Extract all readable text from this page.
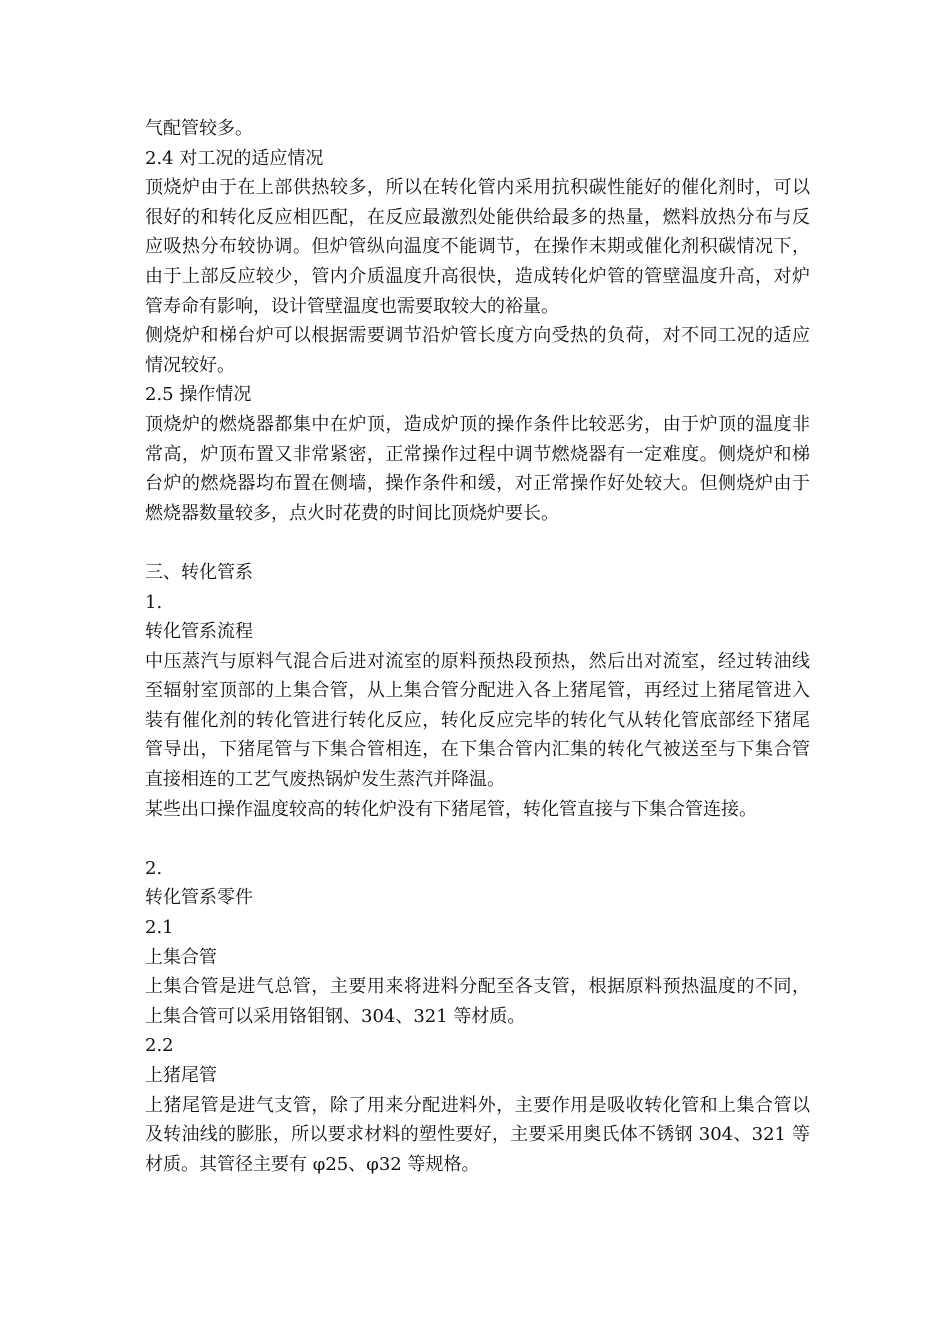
气配管较多。

2.4 对工况的适应情况

顶烧炉由于在上部供热较多，所以在转化管内采用抗积碳性能好的催化剂时，可以很好的和转化反应相匹配，在反应最激烈处能供给最多的热量，燃料放热分布与反应吸热分布较协调。但炉管纵向温度不能调节，在操作末期或催化剂积碳情况下，由于上部反应较少，管内介质温度升高很快，造成转化炉管的管壁温度升高，对炉管寿命有影响，设计管壁温度也需要取较大的裕量。

侧烧炉和梯台炉可以根据需要调节沿炉管长度方向受热的负荷，对不同工况的适应情况较好。

2.5 操作情况

顶烧炉的燃烧器都集中在炉顶，造成炉顶的操作条件比较恶劣，由于炉顶的温度非常高，炉顶布置又非常紧密，正常操作过程中调节燃烧器有一定难度。侧烧炉和梯台炉的燃烧器均布置在侧墙，操作条件和缓，对正常操作好处较大。但侧烧炉由于燃烧器数量较多，点火时花费的时间比顶烧炉要长。

三、转化管系

1.

转化管系流程

中压蒸汽与原料气混合后进对流室的原料预热段预热，然后出对流室，经过转油线至辐射室顶部的上集合管，从上集合管分配进入各上猪尾管，再经过上猪尾管进入装有催化剂的转化管进行转化反应，转化反应完毕的转化气从转化管底部经下猪尾管导出，下猪尾管与下集合管相连，在下集合管内汇集的转化气被送至与下集合管直接相连的工艺气废热锅炉发生蒸汽并降温。

某些出口操作温度较高的转化炉没有下猪尾管，转化管直接与下集合管连接。

2.

转化管系零件

2.1

上集合管

上集合管是进气总管，主要用来将进料分配至各支管，根据原料预热温度的不同，上集合管可以采用铬钼钢、304、321 等材质。

2.2

上猪尾管

上猪尾管是进气支管，除了用来分配进料外，主要作用是吸收转化管和上集合管以及转油线的膨胀，所以要求材料的塑性要好，主要采用奥氏体不锈钢 304、321 等材质。其管径主要有 φ25、φ32 等规格。
